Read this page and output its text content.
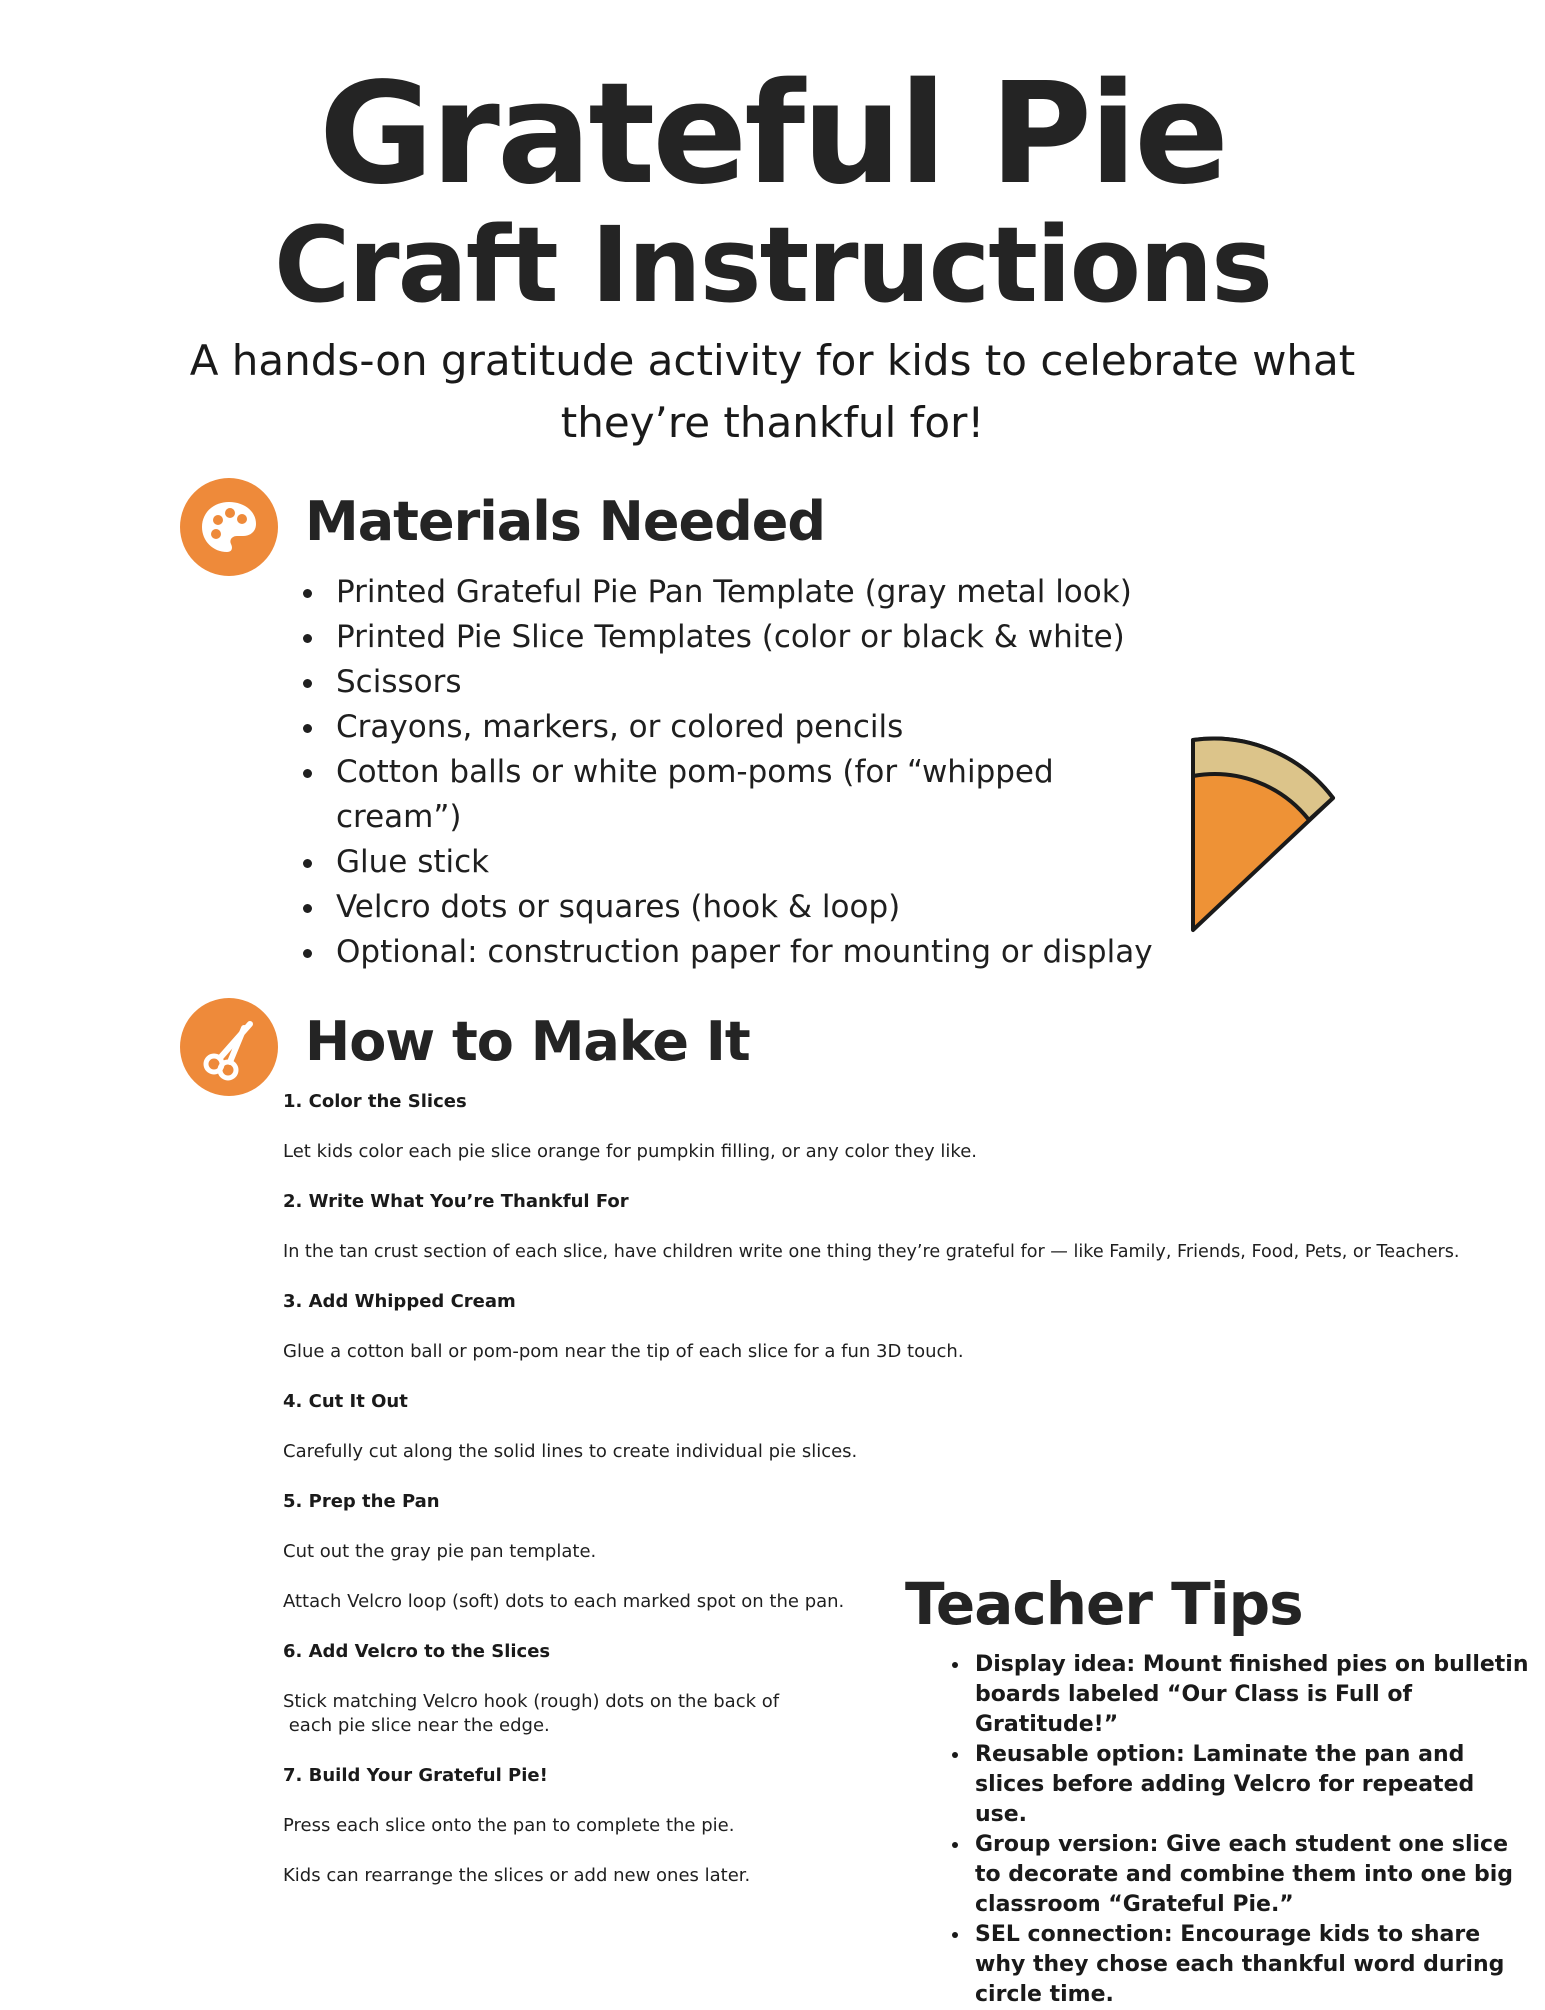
Grateful Pie
Craft Instructions
A hands-on gratitude activity for kids to celebrate what they’re thankful for!
Materials Needed
• Printed Grateful Pie Pan Template (gray metal look)
• Printed Pie Slice Templates (color or black & white)
• Scissors
• Crayons, markers, or colored pencils
• Cotton balls or white pom-poms (for “whipped cream”)
• Glue stick
• Velcro dots or squares (hook & loop)
• Optional: construction paper for mounting or display
How to Make It
1. Color the Slices
Let kids color each pie slice orange for pumpkin filling, or any color they like.
2. Write What You’re Thankful For
In the tan crust section of each slice, have children write one thing they’re grateful for — like Family, Friends, Food, Pets, or Teachers.
3. Add Whipped Cream
Glue a cotton ball or pom-pom near the tip of each slice for a fun 3D touch.
4. Cut It Out
Carefully cut along the solid lines to create individual pie slices.
5. Prep the Pan
Cut out the gray pie pan template.
Attach Velcro loop (soft) dots to each marked spot on the pan.
6. Add Velcro to the Slices
Stick matching Velcro hook (rough) dots on the back of
each pie slice near the edge.
7. Build Your Grateful Pie!
Press each slice onto the pan to complete the pie.
Kids can rearrange the slices or add new ones later.
Teacher Tips
• Display idea: Mount finished pies on bulletin boards labeled “Our Class is Full of Gratitude!”
• Reusable option: Laminate the pan and slices before adding Velcro for repeated use.
• Group version: Give each student one slice to decorate and combine them into one big classroom “Grateful Pie.”
• SEL connection: Encourage kids to share why they chose each thankful word during circle time.
